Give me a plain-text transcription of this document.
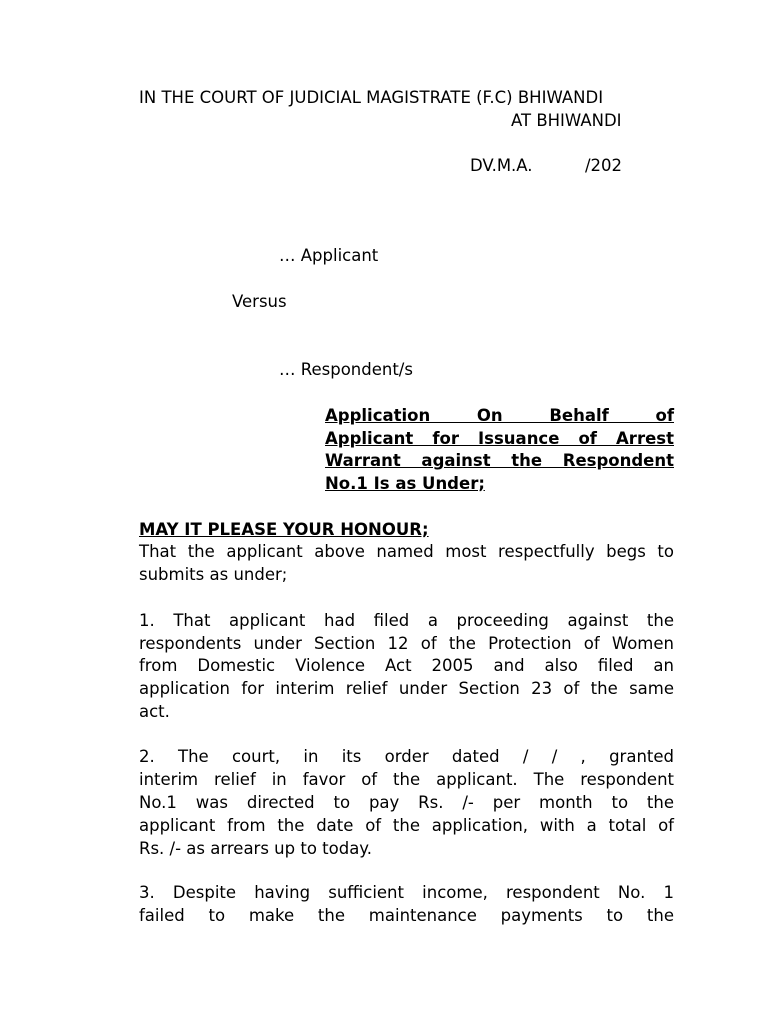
IN THE COURT OF JUDICIAL MAGISTRATE (F.C) BHIWANDI
AT BHIWANDI
DV.M.A.          /202
… Applicant
Versus
… Respondent/s
Application On Behalf of
Applicant for Issuance of Arrest
Warrant against the Respondent
No.1 Is as Under;
MAY IT PLEASE YOUR HONOUR;
That the applicant above named most respectfully begs to
submits as under;
1. That applicant had filed a proceeding against the
respondents under Section 12 of the Protection of Women
from Domestic Violence Act 2005 and also filed an
application for interim relief under Section 23 of the same
act.
2. The court, in its order dated / / , granted
interim relief in favor of the applicant. The respondent
No.1 was directed to pay Rs. /- per month to the
applicant from the date of the application, with a total of
Rs. /- as arrears up to today.
3. Despite having sufficient income, respondent No. 1
failed to make the maintenance payments to the
